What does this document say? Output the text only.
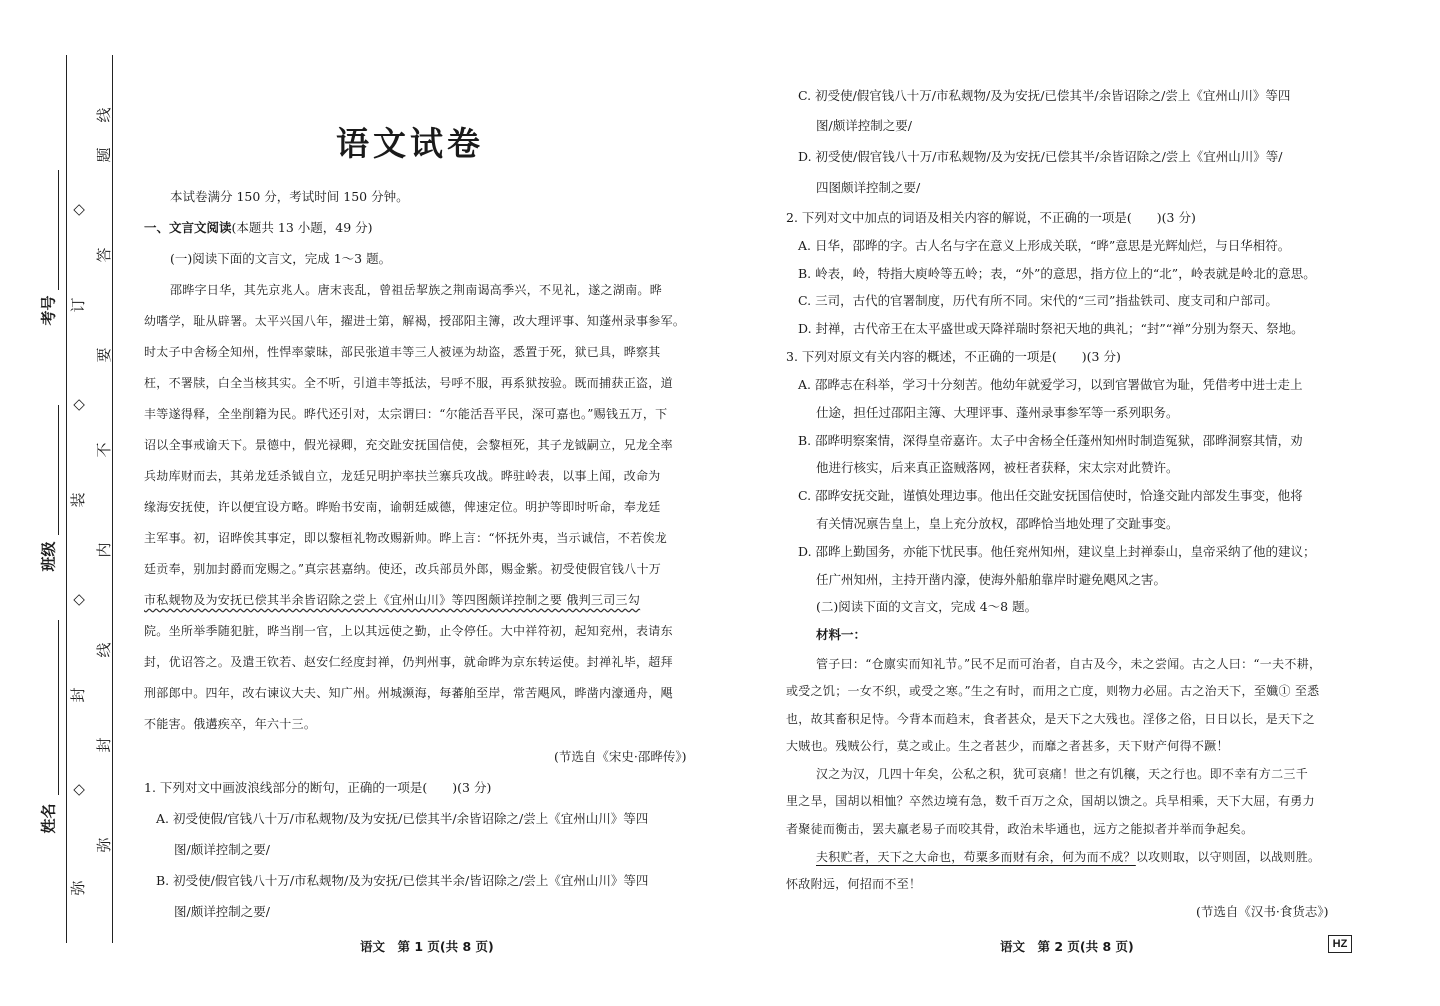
弥
封
线
内
不
要
答
题
线
弥
◇
封
◇
装
◇
订
◇
姓名
班级
考号
语文试卷
本试卷满分 150 分，考试时间 150 分钟。
一、文言文阅读(本题共 13 小题，49 分)
(一)阅读下面的文言文，完成 1～3 题。
邵晔字日华，其先京兆人。唐末丧乱，曾祖岳挈族之荆南谒高季兴，不见礼，遂之湖南。晔
幼嗜学，耻从辟署。太平兴国八年，擢进士第，解褐，授邵阳主簿，改大理评事、知蓬州录事参军。
时太子中舍杨全知州，性悍率蒙昧，部民张道丰等三人被诬为劫盗，悉置于死，狱已具，晔察其
枉，不署牍，白全当核其实。全不听，引道丰等抵法，号呼不服，再系狱按验。既而捕获正盗，道
丰等遂得释，全坐削籍为民。晔代还引对，太宗谓曰：“尔能活吾平民，深可嘉也。”赐钱五万，下
诏以全事戒谕天下。景德中，假光禄卿，充交趾安抚国信使，会黎桓死，其子龙钺嗣立，兄龙全率
兵劫库财而去，其弟龙廷杀钺自立，龙廷兄明护率扶兰寨兵攻战。晔驻岭表，以事上闻，改命为
缘海安抚使，许以便宜设方略。晔贻书安南，谕朝廷威德，俾速定位。明护等即时听命，奉龙廷
主军事。初，诏晔俟其事定，即以黎桓礼物改赐新帅。晔上言：“怀抚外夷，当示诚信，不若俟龙
廷贡奉，别加封爵而宠赐之。”真宗甚嘉纳。使还，改兵部员外郎，赐金紫。初受使假官钱八十万
市私觌物及为安抚已偿其半余皆诏除之尝上《宜州山川》等四图颇详控制之要 俄判三司三勾
院。坐所举季随犯脏，晔当削一官，上以其远使之勤，止令停任。大中祥符初，起知兖州，表请东
封，优诏答之。及遣王钦若、赵安仁经度封禅，仍判州事，就命晔为京东转运使。封禅礼毕，超拜
刑部郎中。四年，改右谏议大夫、知广州。州城濒海，每蕃舶至岸，常苦飓风，晔凿内濠通舟，飓
不能害。俄遘疾卒，年六十三。
(节选自《宋史·邵晔传》)
1. 下列对文中画波浪线部分的断句，正确的一项是(　　)(3 分)
A. 初受使假/官钱八十万/市私觌物/及为安抚/已偿其半/余皆诏除之/尝上《宜州山川》等四
图/颇详控制之要/
B. 初受使/假官钱八十万/市私觌物/及为安抚/已偿其半余/皆诏除之/尝上《宜州山川》等四
图/颇详控制之要/
语文　第 1 页(共 8 页)
C. 初受使/假官钱八十万/市私觌物/及为安抚/已偿其半/余皆诏除之/尝上《宜州山川》等四
图/颇详控制之要/
D. 初受使/假官钱八十万/市私觌物/及为安抚/已偿其半/余皆诏除之/尝上《宜州山川》等/
四图颇详控制之要/
2. 下列对文中加点的词语及相关内容的解说，不正确的一项是(　　)(3 分)
A. 日华，邵晔的字。古人名与字在意义上形成关联，“晔”意思是光辉灿烂，与日华相符。
B. 岭表，岭，特指大庾岭等五岭；表，“外”的意思，指方位上的“北”，岭表就是岭北的意思。
C. 三司，古代的官署制度，历代有所不同。宋代的“三司”指盐铁司、度支司和户部司。
D. 封禅，古代帝王在太平盛世或天降祥瑞时祭祀天地的典礼；“封”“禅”分别为祭天、祭地。
3. 下列对原文有关内容的概述，不正确的一项是(　　)(3 分)
A. 邵晔志在科举，学习十分刻苦。他幼年就爱学习，以到官署做官为耻，凭借考中进士走上
仕途，担任过邵阳主簿、大理评事、蓬州录事参军等一系列职务。
B. 邵晔明察案情，深得皇帝嘉许。太子中舍杨全任蓬州知州时制造冤狱，邵晔洞察其情，劝
他进行核实，后来真正盗贼落网，被枉者获释，宋太宗对此赞许。
C. 邵晔安抚交趾，谨慎处理边事。他出任交趾安抚国信使时，恰逢交趾内部发生事变，他将
有关情况禀告皇上，皇上充分放权，邵晔恰当地处理了交趾事变。
D. 邵晔上勤国务，亦能下忧民事。他任兖州知州，建议皇上封禅泰山，皇帝采纳了他的建议；
任广州知州，主持开凿内濠，使海外船舶靠岸时避免飓风之害。
(二)阅读下面的文言文，完成 4～8 题。
材料一：
管子曰：“仓廪实而知礼节。”民不足而可治者，自古及今，未之尝闻。古之人曰：“一夫不耕，
或受之饥；一女不织，或受之寒。”生之有时，而用之亡度，则物力必屈。古之治天下，至孅① 至悉
也，故其畜积足恃。今背本而趋末，食者甚众，是天下之大残也。淫侈之俗，日日以长，是天下之
大贼也。残贼公行，莫之或止。生之者甚少，而靡之者甚多，天下财产何得不蹶！
汉之为汉，几四十年矣，公私之积，犹可哀痛！世之有饥穰，天之行也。即不幸有方二三千
里之旱，国胡以相恤？卒然边境有急，数千百万之众，国胡以馈之。兵旱相乘，天下大屈，有勇力
者聚徒而衡击，罢夫羸老易子而咬其骨，政治未毕通也，远方之能拟者并举而争起矣。
夫积贮者，天下之大命也，苟粟多而财有余，何为而不成？以攻则取，以守则固，以战则胜。
怀敌附远，何招而不至！
(节选自《汉书·食货志》)
语文　第 2 页(共 8 页)	HZ
